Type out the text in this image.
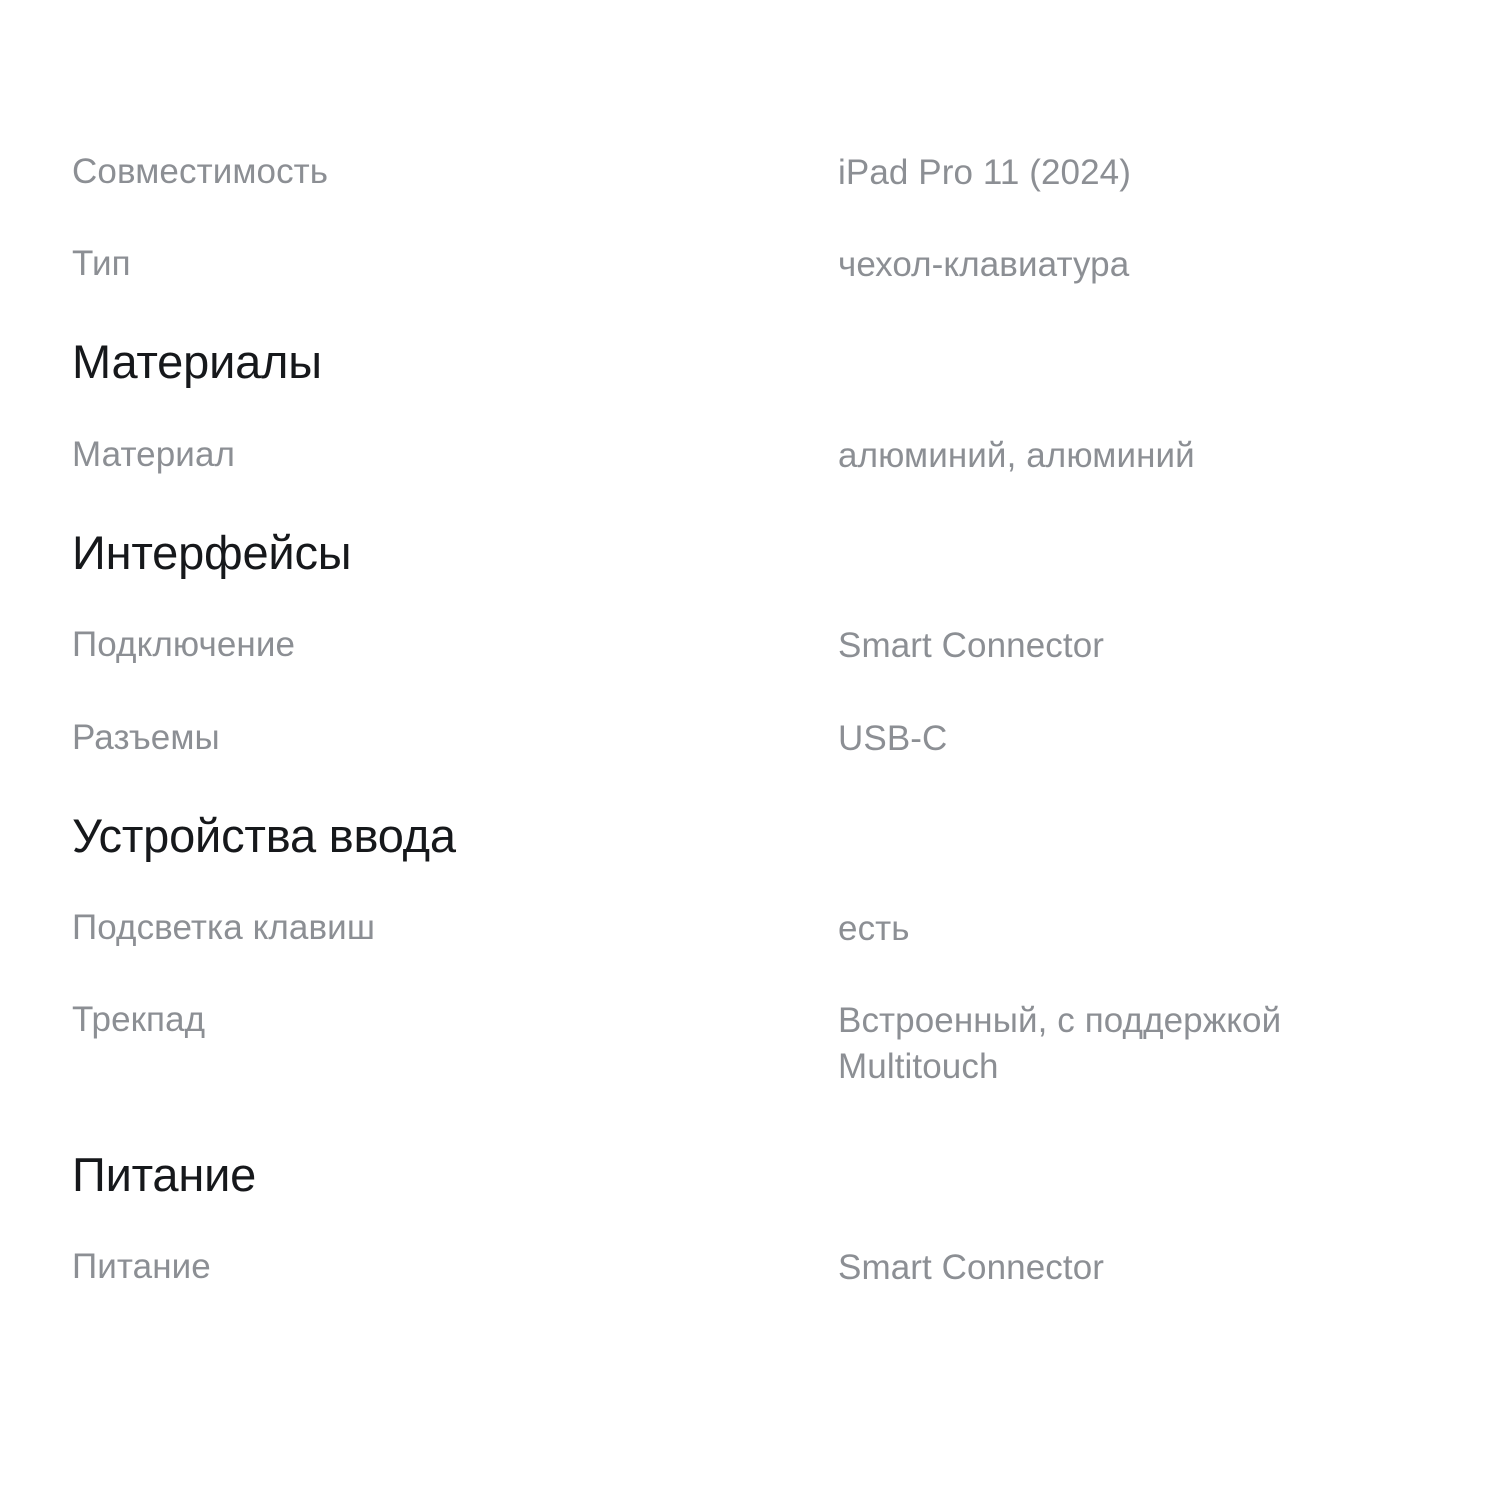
Совместимость	iPad Pro 11 (2024)
Тип	чехол-клавиатура
Материалы
Материал	алюминий, алюминий
Интерфейсы
Подключение	Smart Connector
Разъемы	USB-C
Устройства ввода
Подсветка клавиш	есть
Трекпад	Встроенный, с поддержкой Multitouch
Питание
Питание	Smart Connector
